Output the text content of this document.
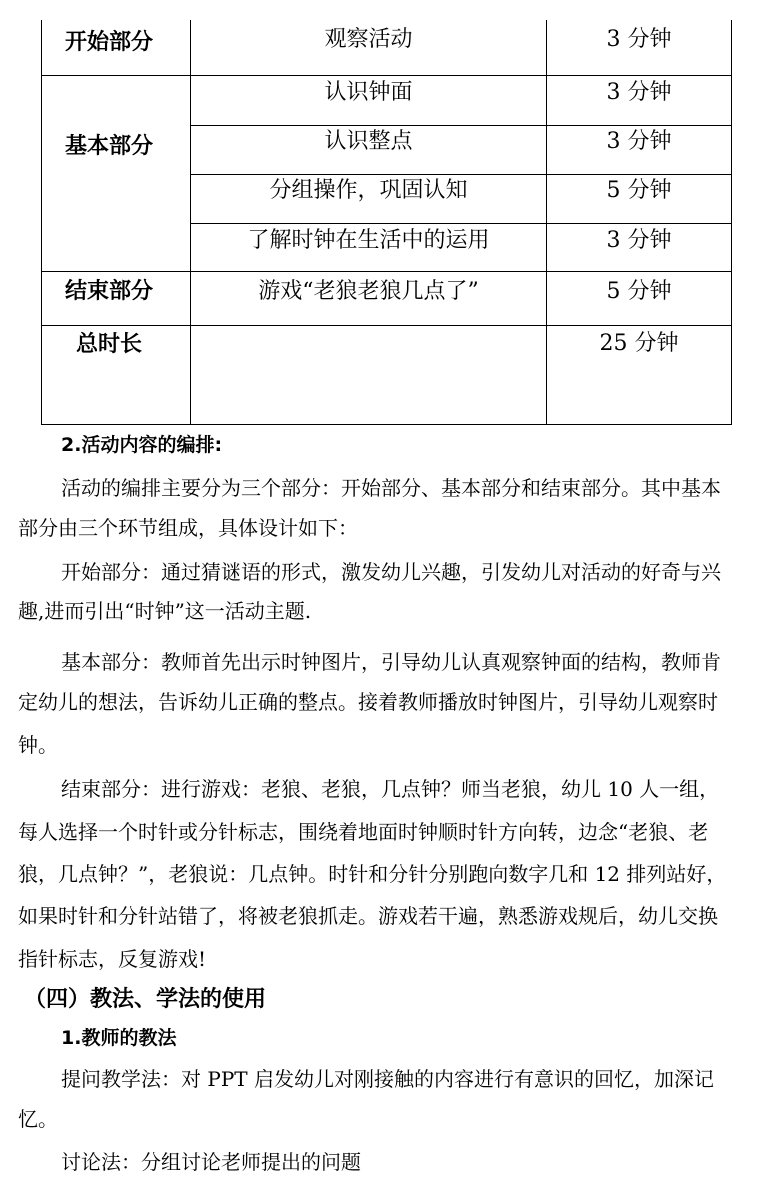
开始部分
基本部分
结束部分
总时长
观察活动
认识钟面
认识整点
分组操作，巩固认知
了解时钟在生活中的运用
游戏“老狼老狼几点了”
3 分钟
3 分钟
3 分钟
5 分钟
3 分钟
5 分钟
25 分钟
2.活动内容的编排:
活动的编排主要分为三个部分：开始部分、基本部分和结束部分。其中基本
部分由三个环节组成，具体设计如下：
开始部分：通过猜谜语的形式，激发幼儿兴趣，引发幼儿对活动的好奇与兴
趣,进而引出“时钟”这一活动主题.
基本部分：教师首先出示时钟图片，引导幼儿认真观察钟面的结构，教师肯
定幼儿的想法，告诉幼儿正确的整点。接着教师播放时钟图片，引导幼儿观察时
钟。
结束部分：进行游戏：老狼、老狼，几点钟？师当老狼，幼儿 10 人一组，
每人选择一个时针或分针标志，围绕着地面时钟顺时针方向转，边念“老狼、老
狼，几点钟？”，老狼说：几点钟。时针和分针分别跑向数字几和 12 排列站好，
如果时针和分针站错了，将被老狼抓走。游戏若干遍，熟悉游戏规后，幼儿交换
指针标志，反复游戏!
（四）教法、学法的使用
1.教师的教法
提问教学法：对 PPT 启发幼儿对刚接触的内容进行有意识的回忆，加深记
忆。
讨论法：分组讨论老师提出的问题
